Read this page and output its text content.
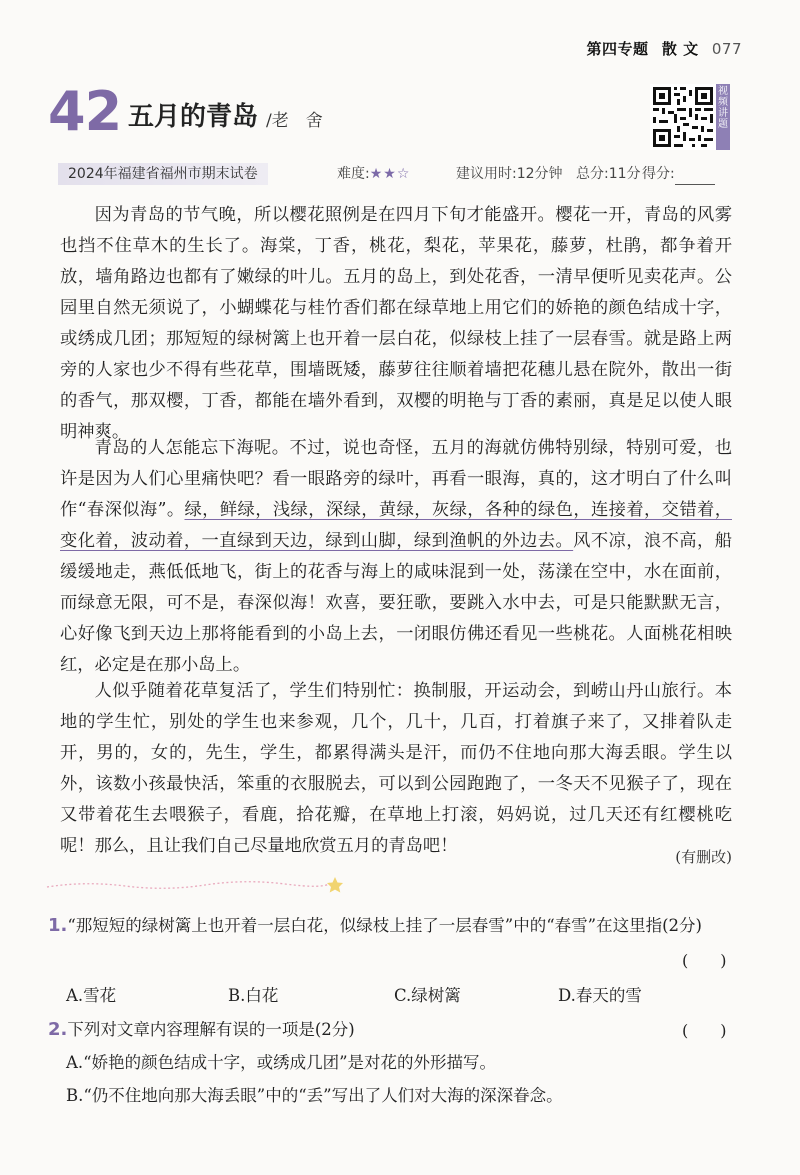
第四专题 散 文 077
42 五月的青岛 /老　舍
视频讲题
2024年福建省福州市期末试卷	难度:★★☆	建议用时:12分钟 总分:11分 得分:
因为青岛的节气晚，所以樱花照例是在四月下旬才能盛开。樱花一开，青岛的风雾也挡不住草木的生长了。海棠，丁香，桃花，梨花，苹果花，藤萝，杜鹃，都争着开放，墙角路边也都有了嫩绿的叶儿。五月的岛上，到处花香，一清早便听见卖花声。公园里自然无须说了，小蝴蝶花与桂竹香们都在绿草地上用它们的娇艳的颜色结成十字，或绣成几团；那短短的绿树篱上也开着一层白花，似绿枝上挂了一层春雪。就是路上两旁的人家也少不得有些花草，围墙既矮，藤萝往往顺着墙把花穗儿悬在院外，散出一街的香气，那双樱，丁香，都能在墙外看到，双樱的明艳与丁香的素丽，真是足以使人眼明神爽。
青岛的人怎能忘下海呢。不过，说也奇怪，五月的海就仿佛特别绿，特别可爱，也许是因为人们心里痛快吧？看一眼路旁的绿叶，再看一眼海，真的，这才明白了什么叫作“春深似海”。绿，鲜绿，浅绿，深绿，黄绿，灰绿，各种的绿色，连接着，交错着，变化着，波动着，一直绿到天边，绿到山脚，绿到渔帆的外边去。风不凉，浪不高，船缓缓地走，燕低低地飞，街上的花香与海上的咸味混到一处，荡漾在空中，水在面前，而绿意无限，可不是，春深似海！欢喜，要狂歌，要跳入水中去，可是只能默默无言，心好像飞到天边上那将能看到的小岛上去，一闭眼仿佛还看见一些桃花。人面桃花相映红，必定是在那小岛上。
人似乎随着花草复活了，学生们特别忙：换制服，开运动会，到崂山丹山旅行。本地的学生忙，别处的学生也来参观，几个，几十，几百，打着旗子来了，又排着队走开，男的，女的，先生，学生，都累得满头是汗，而仍不住地向那大海丢眼。学生以外，该数小孩最快活，笨重的衣服脱去，可以到公园跑跑了，一冬天不见猴子了，现在又带着花生去喂猴子，看鹿，拾花瓣，在草地上打滚，妈妈说，过几天还有红樱桃吃呢！那么，且让我们自己尽量地欣赏五月的青岛吧！
(有删改)
1.“那短短的绿树篱上也开着一层白花，似绿枝上挂了一层春雪”中的“春雪”在这里指(2分)
(　　)
A.雪花	B.白花	C.绿树篱	D.春天的雪
2.下列对文章内容理解有误的一项是(2分)	(　　)
A.“娇艳的颜色结成十字，或绣成几团”是对花的外形描写。
B.“仍不住地向那大海丢眼”中的“丢”写出了人们对大海的深深眷念。
